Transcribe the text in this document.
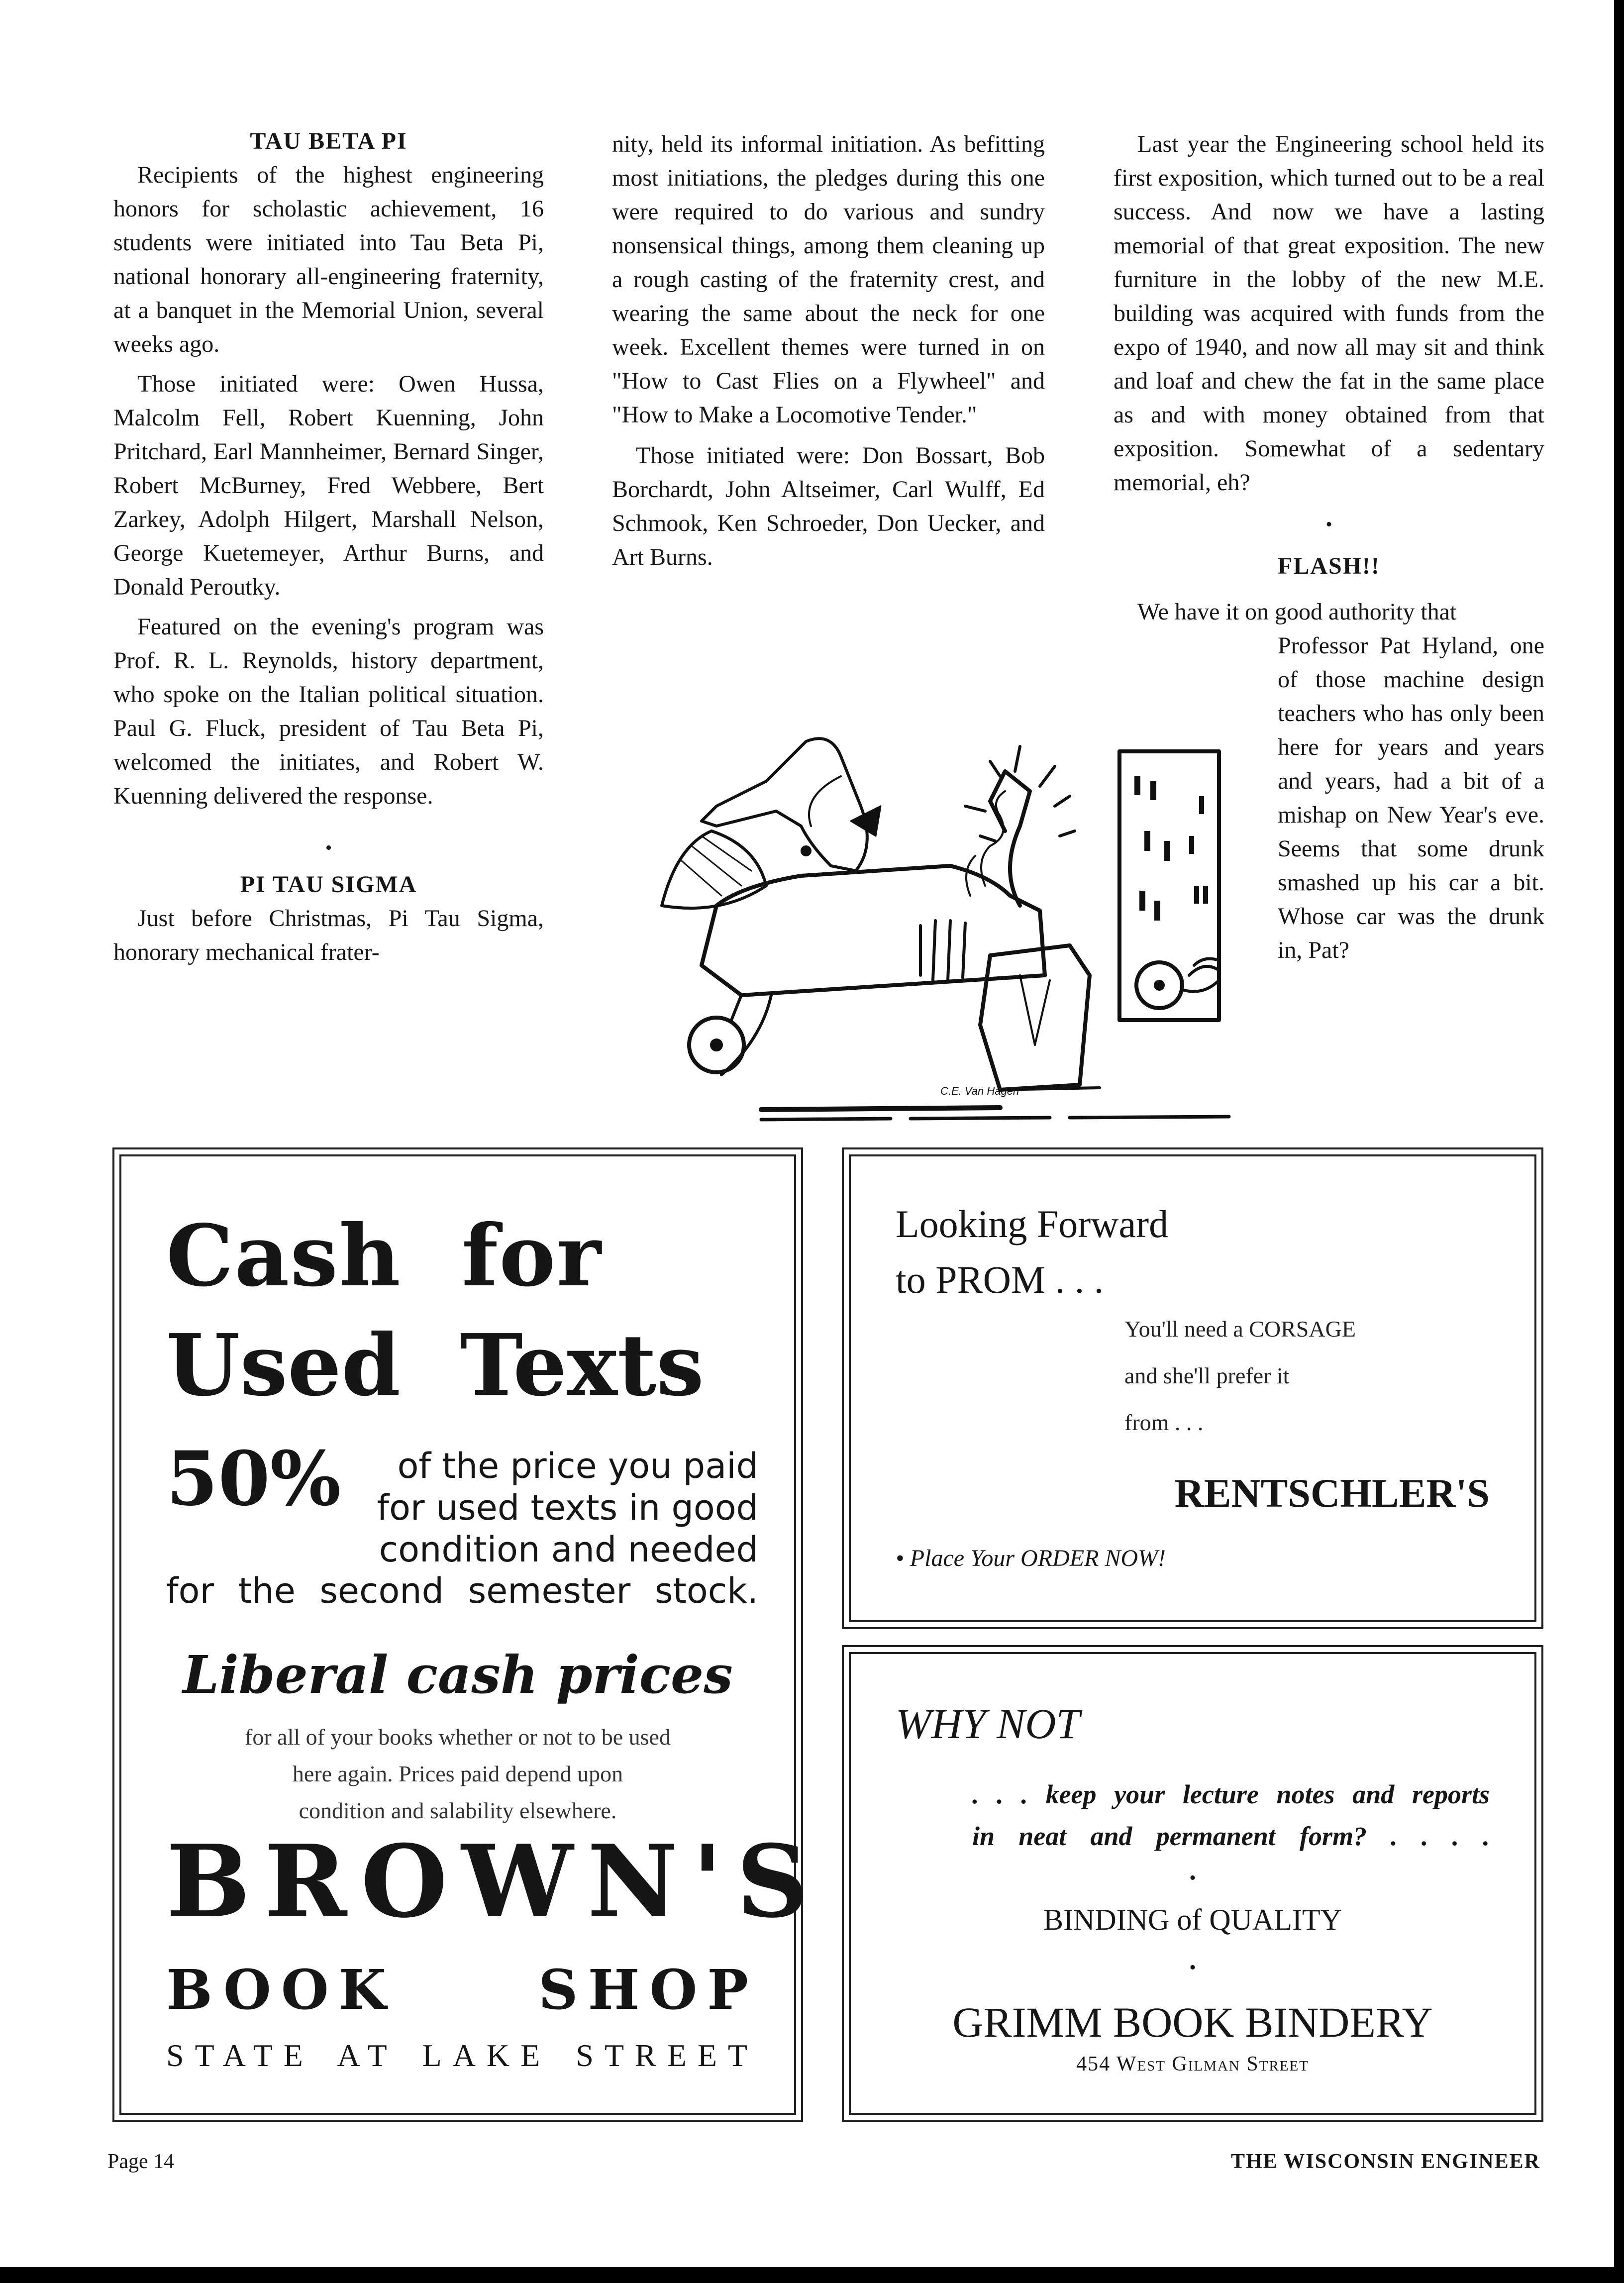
TAU BETA PI

Recipients of the highest engineering honors for scholastic achievement, 16 students were initiated into Tau Beta Pi, national honorary all-engineering fraternity, at a banquet in the Memorial Union, several weeks ago.

Those initiated were: Owen Hussa, Malcolm Fell, Robert Kuenning, John Pritchard, Earl Mannheimer, Bernard Singer, Robert McBurney, Fred Webbere, Bert Zarkey, Adolph Hilgert, Marshall Nelson, George Kuetemeyer, Arthur Burns, and Donald Peroutky.

Featured on the evening's program was Prof. R. L. Reynolds, history department, who spoke on the Italian political situation. Paul G. Fluck, president of Tau Beta Pi, welcomed the initiates, and Robert W. Kuenning delivered the response.

•

PI TAU SIGMA

Just before Christmas, Pi Tau Sigma, honorary mechanical frater-

nity, held its informal initiation. As befitting most initiations, the pledges during this one were required to do various and sundry nonsensical things, among them cleaning up a rough casting of the fraternity crest, and wearing the same about the neck for one week. Excellent themes were turned in on "How to Cast Flies on a Flywheel" and "How to Make a Locomotive Tender."

Those initiated were: Don Bossart, Bob Borchardt, John Altseimer, Carl Wulff, Ed Schmook, Ken Schroeder, Don Uecker, and Art Burns.

C.E. Van Hagen

Last year the Engineering school held its first exposition, which turned out to be a real success. And now we have a lasting memorial of that great exposition. The new furniture in the lobby of the new M.E. building was acquired with funds from the expo of 1940, and now all may sit and think and loaf and chew the fat in the same place as and with money obtained from that exposition. Somewhat of a sedentary memorial, eh?

•

FLASH!!

We have it on good authority that

Professor Pat Hyland, one of those machine design teachers who has only been here for years and years and years, had a bit of a mishap on New Year's eve. Seems that some drunk smashed up his car a bit. Whose car was the drunk in, Pat?

Cash for
Used Texts
50%	of the price you paid
for used texts in good
condition and needed
for the second semester stock.
Liberal cash prices
for all of your books whether or not to be used
here again. Prices paid depend upon
condition and salability elsewhere.
BROWN'S
BOOK SHOP
STATE AT LAKE STREET
Looking Forward
to PROM . . .
You'll need a CORSAGE
and she'll prefer it
from . . .
RENTSCHLER'S
• Place Your ORDER NOW!
WHY NOT
. . . keep your lecture notes and reports
in neat and permanent form? . . . .
•
BINDING of QUALITY
•
GRIMM BOOK BINDERY
454 West Gilman Street
Page 14	THE WISCONSIN ENGINEER
